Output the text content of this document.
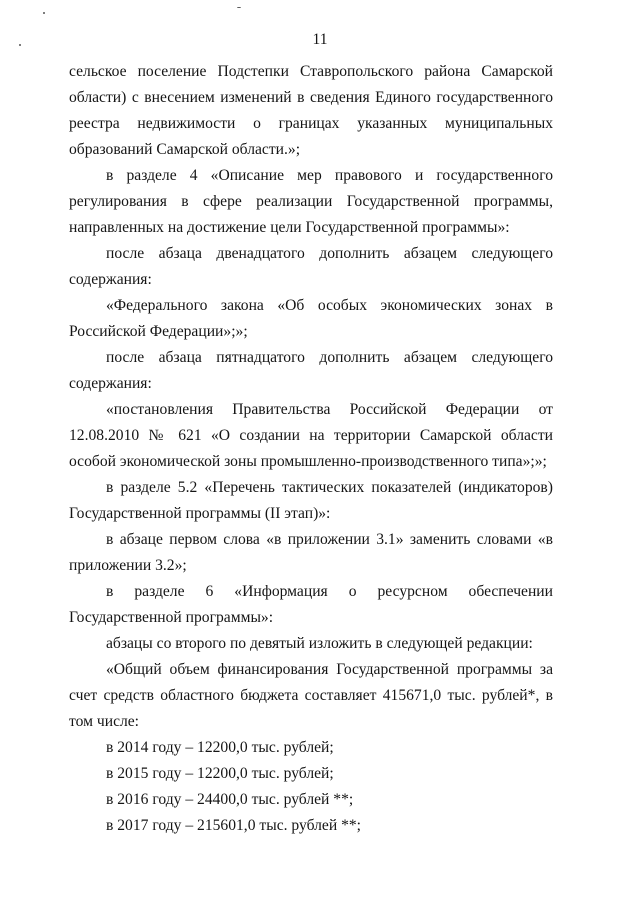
11

сельское поселение Подстепки Ставропольского района Самарской области) с внесением изменений в сведения Единого государственного реестра недвижимости о границах указанных муниципальных образований Самарской области.»;

в разделе 4 «Описание мер правового и государственного регулирования в сфере реализации Государственной программы, направленных на достижение цели Государственной программы»:

после абзаца двенадцатого дополнить абзацем следующего содержания:

«Федерального закона «Об особых экономических зонах в Российской Федерации»;»;

после абзаца пятнадцатого дополнить абзацем следующего содержания:

«постановления Правительства Российской Федерации от 12.08.2010 № 621 «О создании на территории Самарской области особой экономической зоны промышленно-производственного типа»;»;

в разделе 5.2 «Перечень тактических показателей (индикаторов) Государственной программы (II этап)»:

в абзаце первом слова «в приложении 3.1» заменить словами «в приложении 3.2»;

в разделе 6 «Информация о ресурсном обеспечении Государственной программы»:

абзацы со второго по девятый изложить в следующей редакции:

«Общий объем финансирования Государственной программы за счет средств областного бюджета составляет 415671,0 тыс. рублей*, в том числе:

в 2014 году – 12200,0 тыс. рублей;

в 2015 году – 12200,0 тыс. рублей;

в 2016 году – 24400,0 тыс. рублей **;

в 2017 году – 215601,0 тыс. рублей **;
